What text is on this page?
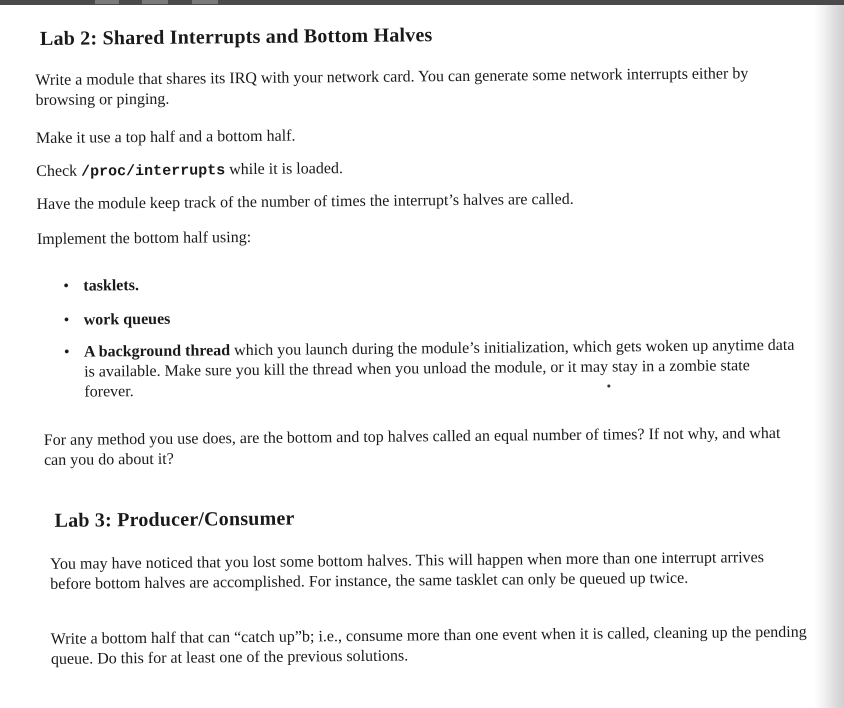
Lab 2: Shared Interrupts and Bottom Halves

Write a module that shares its IRQ with your network card. You can generate some network interrupts either by browsing or pinging.

Make it use a top half and a bottom half.

Check /proc/interrupts while it is loaded.

Have the module keep track of the number of times the interrupt’s halves are called.

Implement the bottom half using:

• tasklets.
• work queues
• A background thread which you launch during the module’s initialization, which gets woken up anytime data is available. Make sure you kill the thread when you unload the module, or it may stay in a zombie state forever.

For any method you use does, are the bottom and top halves called an equal number of times? If not why, and what can you do about it?

Lab 3: Producer/Consumer

You may have noticed that you lost some bottom halves. This will happen when more than one interrupt arrives before bottom halves are accomplished. For instance, the same tasklet can only be queued up twice.

Write a bottom half that can “catch up”b; i.e., consume more than one event when it is called, cleaning up the pending queue. Do this for at least one of the previous solutions.
